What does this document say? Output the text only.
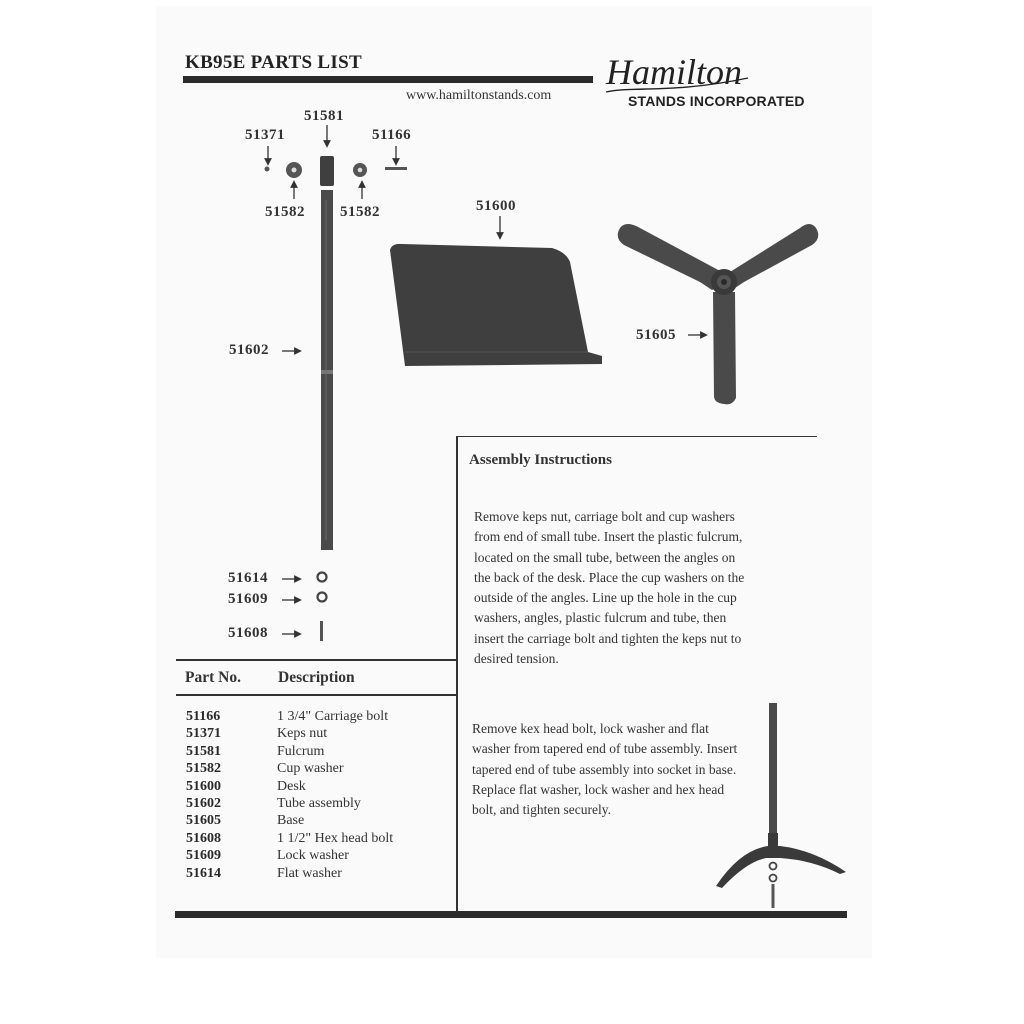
KB95E PARTS LIST
www.hamiltonstands.com
Hamilton
STANDS INCORPORATED
51581
51371	51166
51582 51582	51600
51602
51605
51614
51609
51608
Assembly Instructions
Remove keps nut, carriage bolt and cup washers from end of small tube. Insert the plastic fulcrum, located on the small tube, between the angles on the back of the desk. Place the cup washers on the outside of the angles. Line up the hole in the cup washers, angles, plastic fulcrum and tube, then insert the carriage bolt and tighten the keps nut to desired tension.
Remove kex head bolt, lock washer and flat washer from tapered end of tube assembly. Insert tapered end of tube assembly into socket in base. Replace flat washer, lock washer and hex head bolt, and tighten securely.
Part No. Description
51166
51371
51581
51582
51600
51602
51605
51608
51609
51614
1 3/4" Carriage bolt
Keps nut
Fulcrum
Cup washer
Desk
Tube assembly
Base
1 1/2" Hex head bolt
Lock washer
Flat washer
